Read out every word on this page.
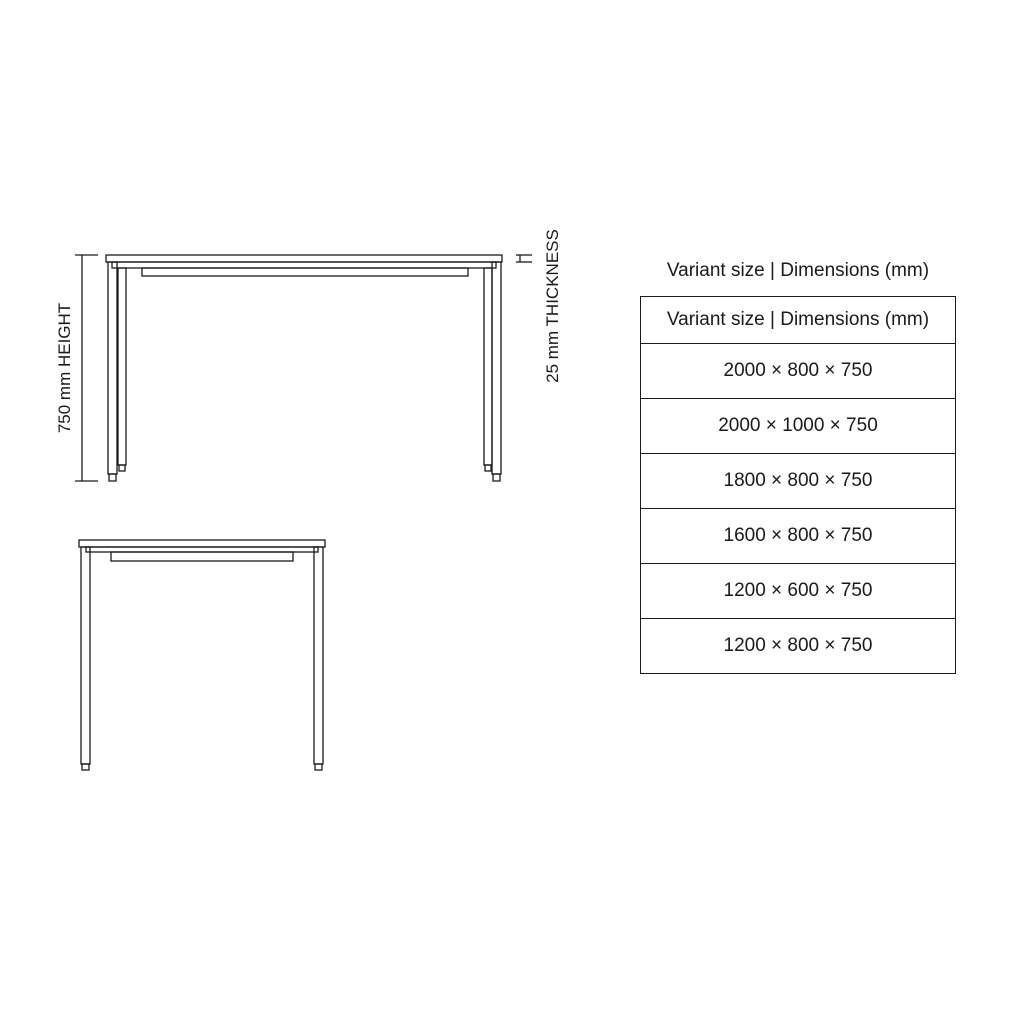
750 mm HEIGHT	25 mm THICKNESS	Variant size | Dimensions (mm)
Variant size | Dimensions (mm)
2000 × 800 × 750
2000 × 1000 × 750
1800 × 800 × 750
1600 × 800 × 750
1200 × 600 × 750
1200 × 800 × 750
